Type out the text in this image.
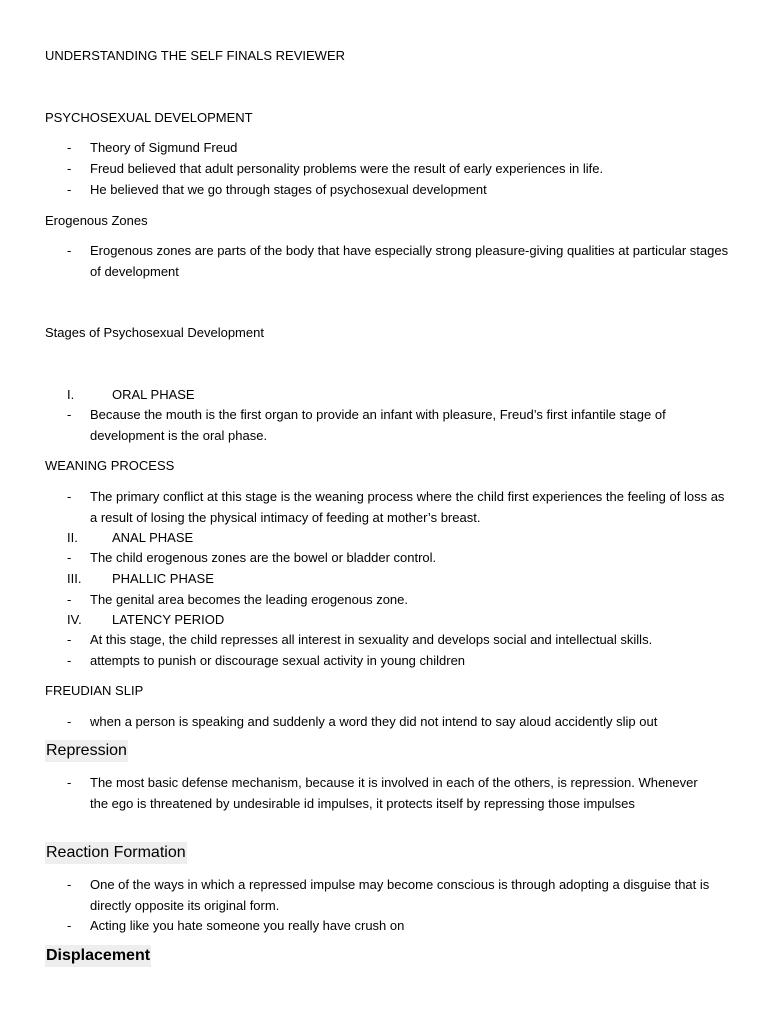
UNDERSTANDING THE SELF FINALS REVIEWER
PSYCHOSEXUAL DEVELOPMENT
- Theory of Sigmund Freud
- Freud believed that adult personality problems were the result of early experiences in life.
- He believed that we go through stages of psychosexual development
Erogenous Zones
- Erogenous zones are parts of the body that have especially strong pleasure-giving qualities at particular stages of development
Stages of Psychosexual Development
I.	ORAL PHASE
- Because the mouth is the first organ to provide an infant with pleasure, Freud’s first infantile stage of development is the oral phase.
WEANING PROCESS
- The primary conflict at this stage is the weaning process where the child first experiences the feeling of loss as a result of losing the physical intimacy of feeding at mother’s breast.
II.	ANAL PHASE
- The child erogenous zones are the bowel or bladder control.
III. PHALLIC PHASE
- The genital area becomes the leading erogenous zone.
IV. LATENCY PERIOD
- At this stage, the child represses all interest in sexuality and develops social and intellectual skills.
- attempts to punish or discourage sexual activity in young children
FREUDIAN SLIP
- when a person is speaking and suddenly a word they did not intend to say aloud accidently slip out
Repression
- The most basic defense mechanism, because it is involved in each of the others, is repression. Whenever the ego is threatened by undesirable id impulses, it protects itself by repressing those impulses
Reaction Formation
- One of the ways in which a repressed impulse may become conscious is through adopting a disguise that is directly opposite its original form.
- Acting like you hate someone you really have crush on
Displacement
